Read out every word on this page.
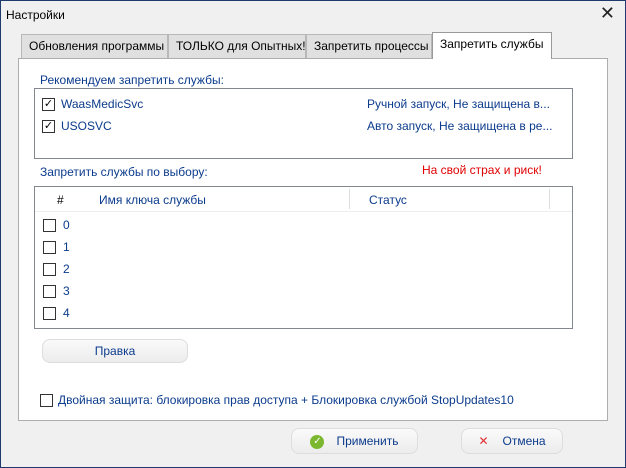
Настройки	✕
Обновления программы ТОЛЬКО для Опытных! Запретить процессы Запретить службы
Рекомендуем запретить службы:
✓ WaasMedicSvc	Ручной запуск, Не защищена в...
✓ USOSVC	Авто запуск, Не защищена в ре...
Запретить службы по выбору:	На свой страх и риск!
#	Имя ключа службы	Статус
0
1
2
3
4
Правка
Двойная защита: блокировка прав доступа + Блокировка службой StopUpdates10
✓ Применить	✕ Отмена
